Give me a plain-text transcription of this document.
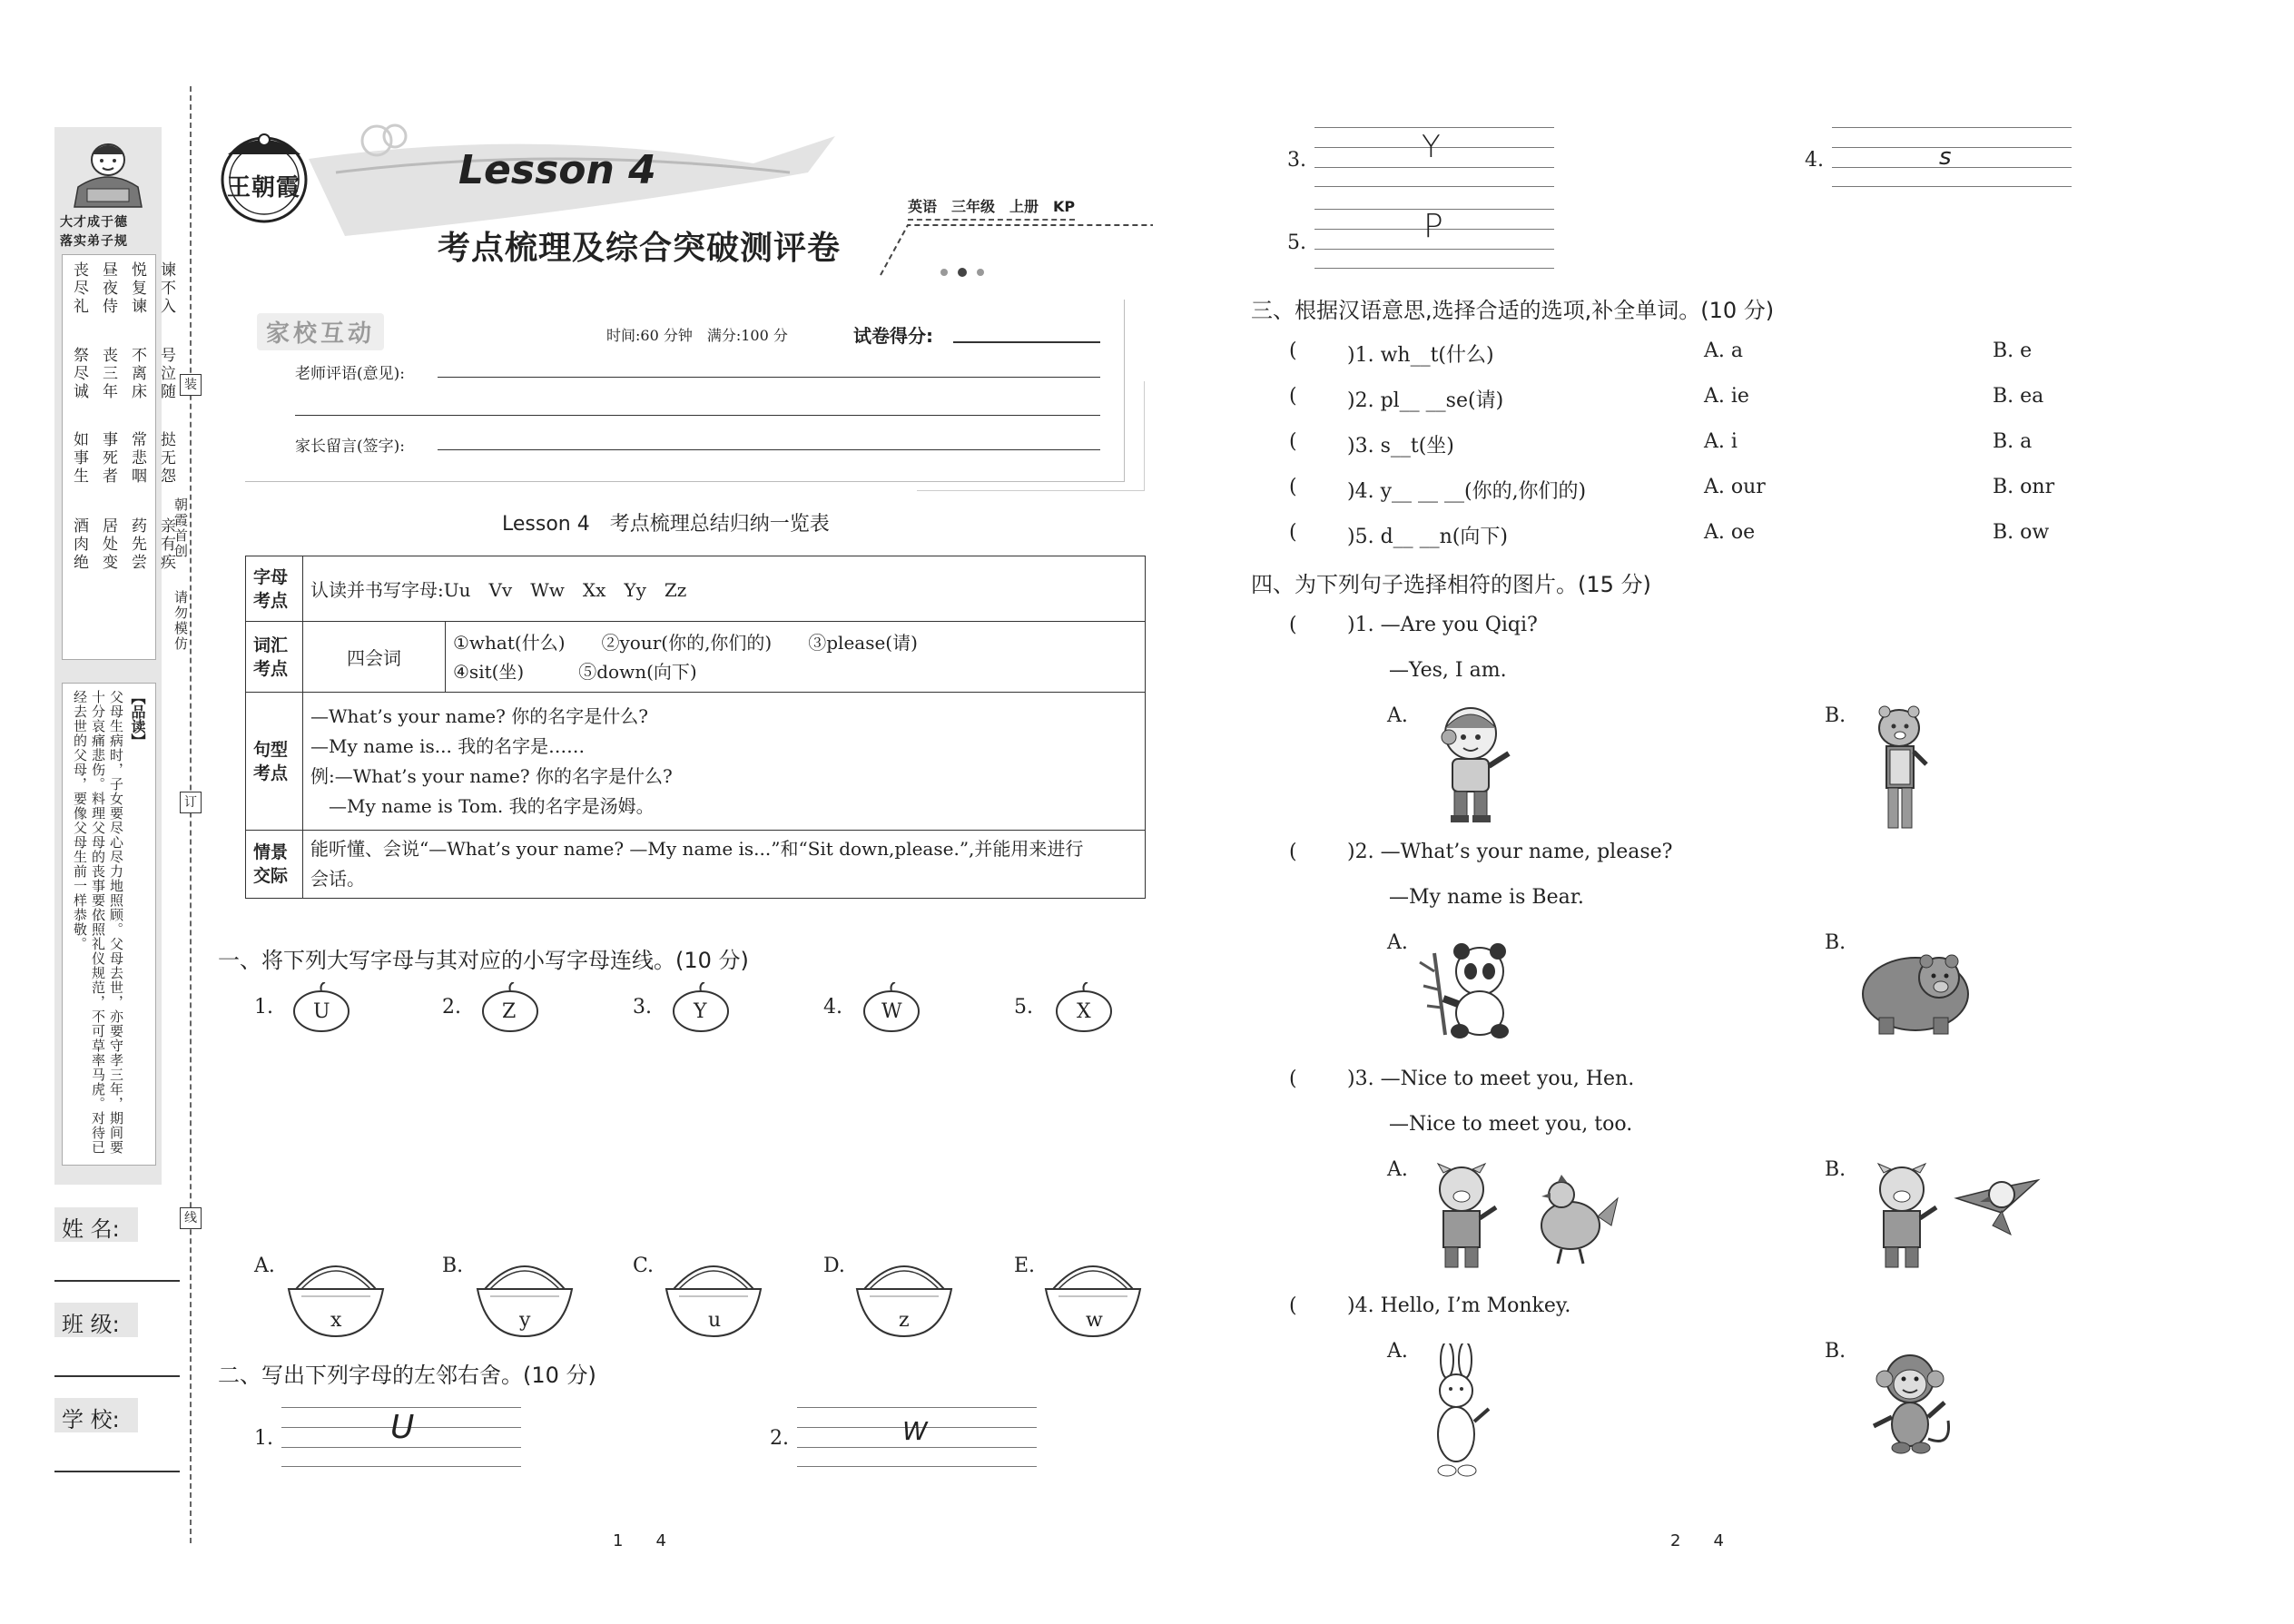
大才成于德
落实弟子规
谏不入
悦复谏
昼夜侍
丧尽礼
号泣随
不离床
丧三年
祭尽诚
挞无怨
常悲咽
事死者
如事生
亲有疾
药先尝
居处变
酒肉绝
【品读】
父母生病时，子女要尽心尽力地照顾。父母去世，亦要守孝三年，期间要十分哀痛悲伤。料理父母的丧事要依照礼仪规范，不可草率马虎。对待已经去世的父母，要像父母生前一样恭敬。
姓 名:
班 级:
学 校:
装
订
线
朝霞首创
请勿模仿
王朝霞	Lesson 4
英语　三年级　上册　KP
考点梳理及综合突破测评卷
家校互动	时间:60 分钟　满分:100 分	试卷得分:
老师评语(意见):
家长留言(签字):
Lesson 4　考点梳理总结归纳一览表
字母考点	认读并书写字母:Uu　Vv　Ww　Xx　Yy　Zz	
词汇考点	四会词	①what(什么)　　②your(你的,你们的)　　③please(请)
④sit(坐)　　　⑤down(向下)

句型考点	—What’s your name? 你的名字是什么?
—My name is... 我的名字是……
例:—What’s your name? 你的名字是什么?
　—My name is Tom. 我的名字是汤姆。	

情景交际	能听懂、会说“—What’s your name? —My name is...”和“Sit down,please.”,并能用来进行
会话。	
一、将下列大写字母与其对应的小写字母连线。(10 分)
1. U	2. Z	3. Y	4. W	5. X
A.
x
B.
y
C.
u
D.
z
E.
w
二、写出下列字母的左邻右舍。(10 分)
1.	U	2.	W
3.	Y	4.	s
5.	P
1　　4	2　　4
三、根据汉语意思,选择合适的选项,补全单词。(10 分)
(	)1. wh__t(什么)	A. a	B. e
(	)2. pl__ __se(请)	A. ie	B. ea
(	)3. s__t(坐)	A. i	B. a
(	)4. y__ __ __(你的,你们的)	A. our	B. onr
(	)5. d__ __n(向下)	A. oe	B. ow
四、为下列句子选择相符的图片。(15 分)
(	)1. —Are you Qiqi?
—Yes, I am.
A.	B.
(	)2. —What’s your name, please?
—My name is Bear.
A.	B.
(	)3. —Nice to meet you, Hen.
—Nice to meet you, too.
A.	B.
(	)4. Hello, I’m Monkey.
A.	B.
